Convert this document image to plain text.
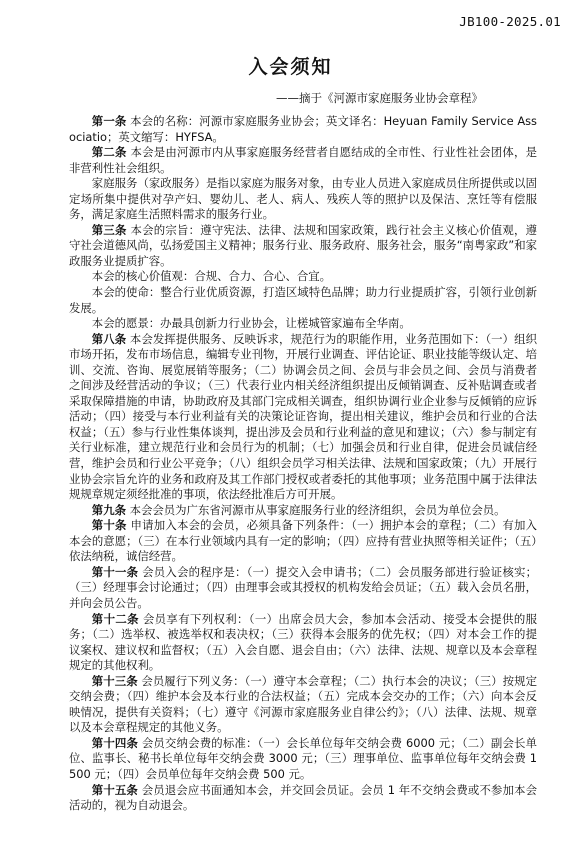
JB100-2025.01
入会须知
——摘于《河源市家庭服务业协会章程》

第一条 本会的名称：河源市家庭服务业协会；英文译名：Heyuan Family Service Associatio；英文缩写：HYFSA。

第二条 本会是由河源市内从事家庭服务经营者自愿结成的全市性、行业性社会团体，是非营利性社会组织。

家庭服务（家政服务）是指以家庭为服务对象，由专业人员进入家庭成员住所提供或以固定场所集中提供对孕产妇、婴幼儿、老人、病人、残疾人等的照护以及保洁、烹饪等有偿服务，满足家庭生活照料需求的服务行业。

第三条 本会的宗旨：遵守宪法、法律、法规和国家政策，践行社会主义核心价值观，遵守社会道德风尚，弘扬爱国主义精神；服务行业、服务政府、服务社会，服务“南粤家政”和家政服务业提质扩容。

本会的核心价值观：合规、合力、合心、合宜。

本会的使命：整合行业优质资源，打造区域特色品牌；助力行业提质扩容，引领行业创新发展。

本会的愿景：办最具创新力行业协会，让槎城管家遍布全华南。

第八条 本会发挥提供服务、反映诉求，规范行为的职能作用，业务范围如下：（一）组织市场开拓，发布市场信息，编辑专业刊物，开展行业调查、评估论证、职业技能等级认定、培训、交流、咨询、展览展销等服务；（二）协调会员之间、会员与非会员之间、会员与消费者之间涉及经营活动的争议；（三）代表行业内相关经济组织提出反倾销调查、反补贴调查或者采取保障措施的申请，协助政府及其部门完成相关调查，组织协调行业企业参与反倾销的应诉活动；（四）接受与本行业利益有关的决策论证咨询，提出相关建议，维护会员和行业的合法权益；（五）参与行业性集体谈判，提出涉及会员和行业利益的意见和建议；（六）参与制定有关行业标准，建立规范行业和会员行为的机制；（七）加强会员和行业自律，促进会员诚信经营，维护会员和行业公平竞争；（八）组织会员学习相关法律、法规和国家政策；（九）开展行业协会宗旨允许的业务和政府及其工作部门授权或者委托的其他事项；业务范围中属于法律法规规章规定须经批准的事项，依法经批准后方可开展。

第九条 本会会员为广东省河源市从事家庭服务行业的经济组织，会员为单位会员。

第十条 申请加入本会的会员，必须具备下列条件：（一）拥护本会的章程；（二）有加入本会的意愿；（三）在本行业领域内具有一定的影响；（四）应持有营业执照等相关证件；（五）依法纳税，诚信经营。

第十一条 会员入会的程序是：（一）提交入会申请书；（二）会员服务部进行验证核实；（三）经理事会讨论通过；（四）由理事会或其授权的机构发给会员证；（五）载入会员名册，并向会员公告。

第十二条 会员享有下列权利：（一）出席会员大会，参加本会活动、接受本会提供的服务；（二）选举权、被选举权和表决权；（三）获得本会服务的优先权；（四）对本会工作的提议案权、建议权和监督权；（五）入会自愿、退会自由；（六）法律、法规、规章以及本会章程规定的其他权利。

第十三条 会员履行下列义务：（一）遵守本会章程；（二）执行本会的决议；（三）按规定交纳会费；（四）维护本会及本行业的合法权益；（五）完成本会交办的工作；（六）向本会反映情况，提供有关资料；（七）遵守《河源市家庭服务业自律公约》；（八）法律、法规、规章以及本会章程规定的其他义务。

第十四条 会员交纳会费的标准：（一）会长单位每年交纳会费 6000 元；（二）副会长单位、监事长、秘书长单位每年交纳会费 3000 元；（三）理事单位、监事单位每年交纳会费 1500 元；（四）会员单位每年交纳会费 500 元。

第十五条 会员退会应书面通知本会，并交回会员证。会员 1 年不交纳会费或不参加本会活动的，视为自动退会。
